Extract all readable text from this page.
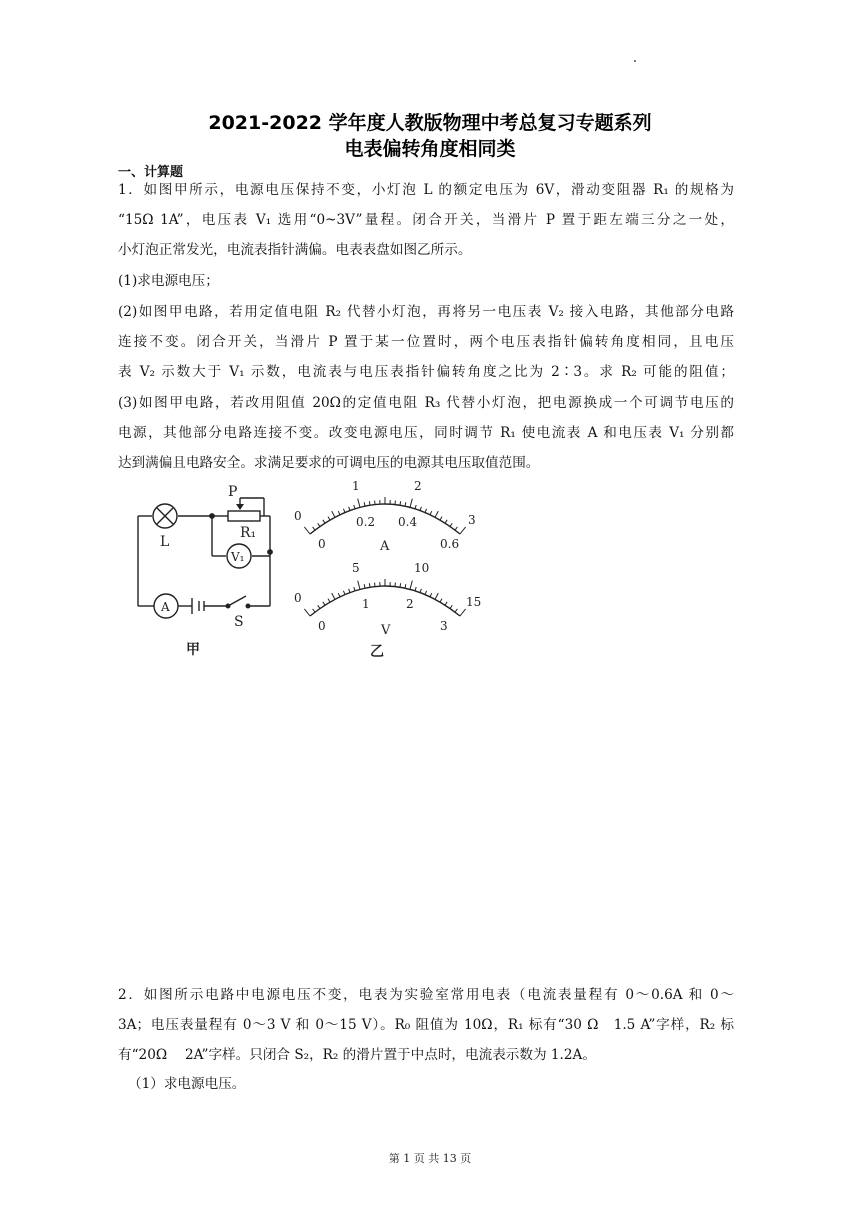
2021-2022 学年度人教版物理中考总复习专题系列
电表偏转角度相同类
一、计算题
1．如图甲所示，电源电压保持不变，小灯泡 L 的额定电压为 6V，滑动变阻器 R₁ 的规格为
“15Ω 1A”，电压表 V₁ 选用“0~3V”量程。闭合开关，当滑片 P 置于距左端三分之一处，
小灯泡正常发光，电流表指针满偏。电表表盘如图乙所示。
(1)求电源电压；
(2)如图甲电路，若用定值电阻 R₂ 代替小灯泡，再将另一电压表 V₂ 接入电路，其他部分电路
连接不变。闭合开关，当滑片 P 置于某一位置时，两个电压表指针偏转角度相同，且电压
表 V₂ 示数大于 V₁ 示数，电流表与电压表指针偏转角度之比为 2∶3。求 R₂ 可能的阻值；
(3)如图甲电路，若改用阻值 20Ω的定值电阻 R₃ 代替小灯泡，把电源换成一个可调节电压的
电源，其他部分电路连接不变。改变电源电压，同时调节 R₁ 使电流表 A 和电压表 V₁ 分别都
达到满偏且电路安全。求满足要求的可调电压的电源其电压取值范围。
L
P
R₁
V₁
A
S
甲
0
1	2
3
0
0.2 0.4
0.6
A
0
5	10
15
0
1	2
3
V
乙
2．如图所示电路中电源电压不变，电表为实验室常用电表（电流表量程有 0～0.6A 和 0～
3A；电压表量程有 0～3 V 和 0～15 V）。R₀ 阻值为 10Ω，R₁ 标有“30 Ω　1.5 A”字样，R₂ 标
有“20Ω　 2A”字样。只闭合 S₂，R₂ 的滑片置于中点时，电流表示数为 1.2A。
（1）求电源电压。
第 1 页 共 13 页
